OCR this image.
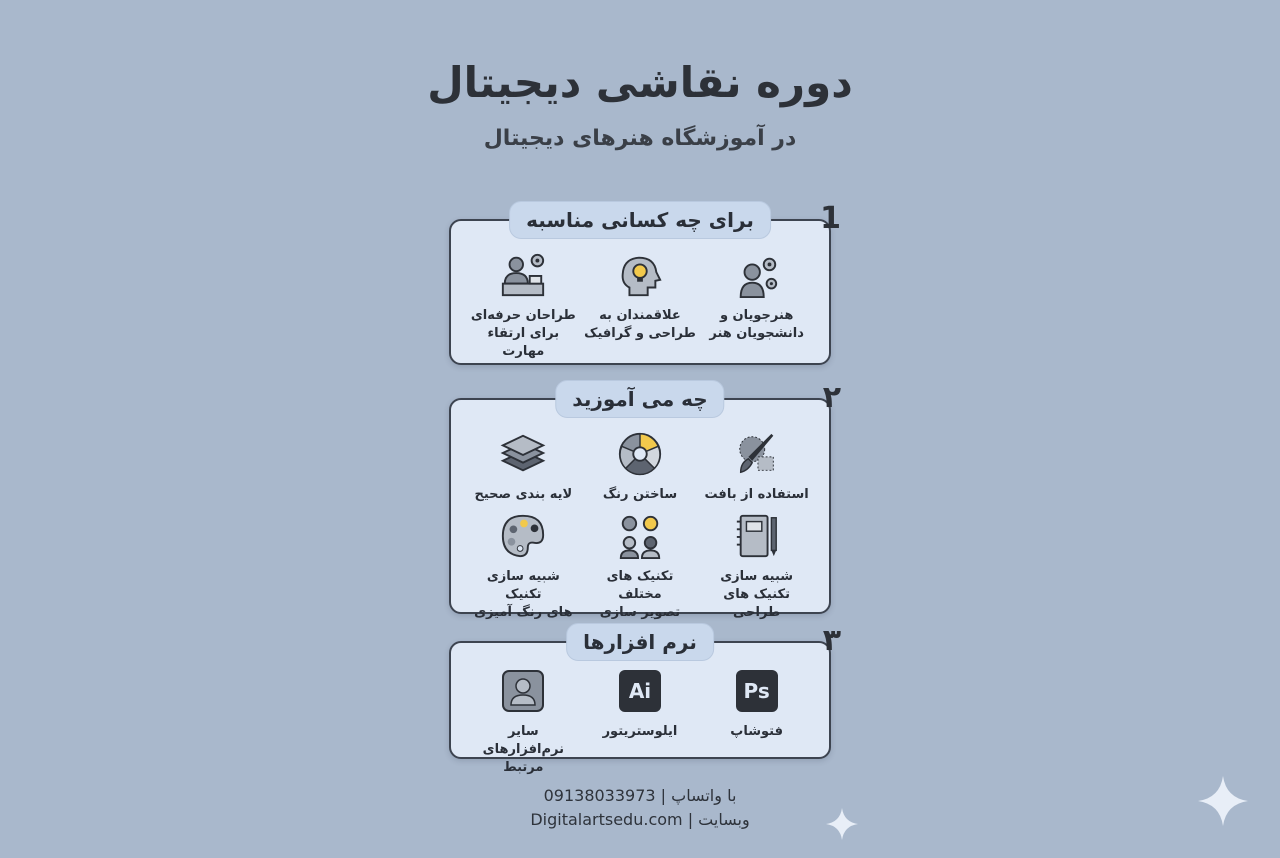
دوره نقاشی دیجیتال
در آموزشگاه هنرهای دیجیتال
برای چه کسانی مناسبه	1
هنرجویان و
دانشجویان هنر
علاقمندان به
طراحی و گرافیک
طراحان حرفه‌ای
برای ارتقاء مهارت
چه می آموزید	۲
استفاده از بافت
ساختن رنگ
لایه بندی صحیح
شبیه سازی
تکنیک های طراحی
تکنیک های مختلف
تصویر سازی
شبیه سازی تکنیک
های رنگ آمیزی
نرم افزارها	۳
Ps
فتوشاپ
Ai
ایلوستریتور
سایر نرم‌افزارهای
مرتبط
با واتساپ | 09138033973
وبسایت | Digitalartsedu.com
